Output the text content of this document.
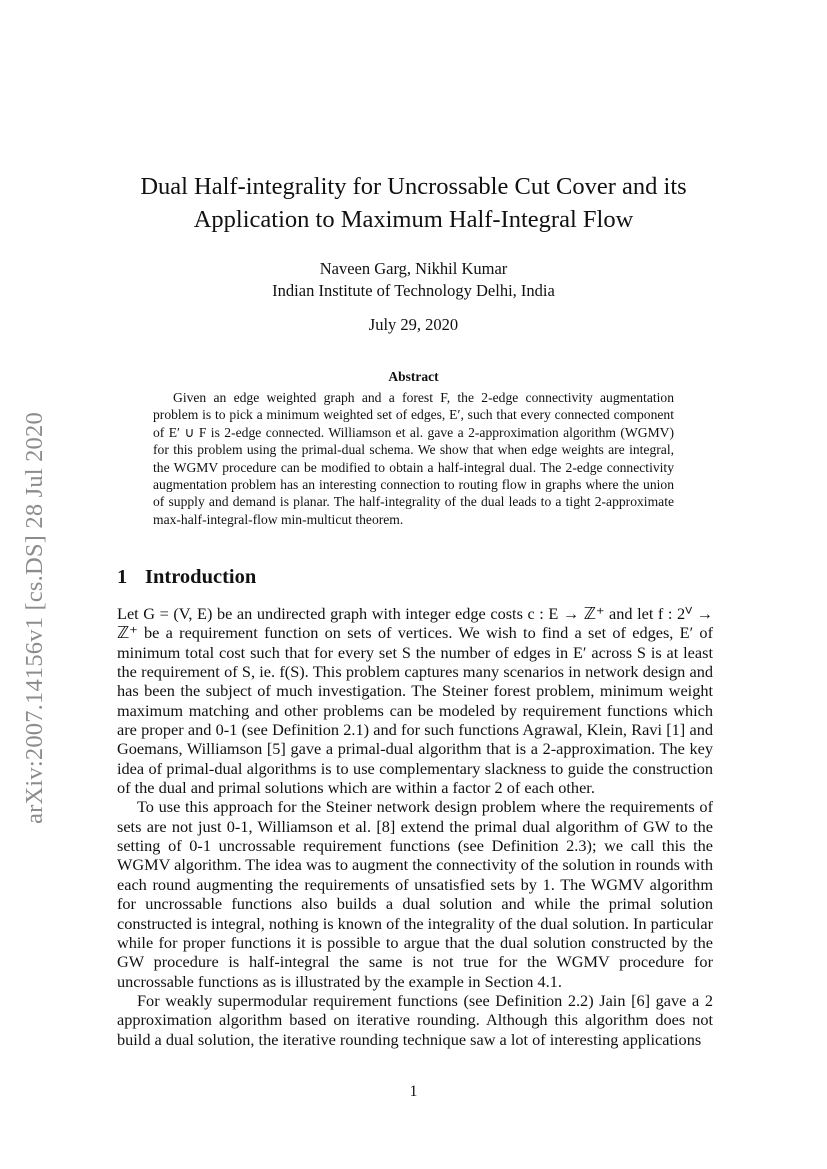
arXiv:2007.14156v1 [cs.DS] 28 Jul 2020
Dual Half-integrality for Uncrossable Cut Cover and its
Application to Maximum Half-Integral Flow
Naveen Garg, Nikhil Kumar
Indian Institute of Technology Delhi, India
July 29, 2020
Abstract

Given an edge weighted graph and a forest F, the 2-edge connectivity augmentation problem is to pick a minimum weighted set of edges, E′, such that every connected component of E′ ∪ F is 2-edge connected. Williamson et al. gave a 2-approximation algorithm (WGMV) for this problem using the primal-dual schema. We show that when edge weights are integral, the WGMV procedure can be modified to obtain a half-integral dual. The 2-edge connectivity augmentation problem has an interesting connection to routing flow in graphs where the union of supply and demand is planar. The half-integrality of the dual leads to a tight 2-approximate max-half-integral-flow min-multicut theorem.

1 Introduction

Let G = (V, E) be an undirected graph with integer edge costs c : E → ℤ⁺ and let f : 2ⱽ → ℤ⁺ be a requirement function on sets of vertices. We wish to find a set of edges, E′ of minimum total cost such that for every set S the number of edges in E′ across S is at least the requirement of S, ie. f(S). This problem captures many scenarios in network design and has been the subject of much investigation. The Steiner forest problem, minimum weight maximum matching and other problems can be modeled by requirement functions which are proper and 0-1 (see Definition 2.1) and for such functions Agrawal, Klein, Ravi [1] and Goemans, Williamson [5] gave a primal-dual algorithm that is a 2-approximation. The key idea of primal-dual algorithms is to use complementary slackness to guide the construction of the dual and primal solutions which are within a factor 2 of each other.

To use this approach for the Steiner network design problem where the requirements of sets are not just 0-1, Williamson et al. [8] extend the primal dual algorithm of GW to the setting of 0-1 uncrossable requirement functions (see Definition 2.3); we call this the WGMV algorithm. The idea was to augment the connectivity of the solution in rounds with each round augmenting the requirements of unsatisfied sets by 1. The WGMV algorithm for uncrossable functions also builds a dual solution and while the primal solution constructed is integral, nothing is known of the integrality of the dual solution. In particular while for proper functions it is possible to argue that the dual solution constructed by the GW procedure is half-integral the same is not true for the WGMV procedure for uncrossable functions as is illustrated by the example in Section 4.1.

For weakly supermodular requirement functions (see Definition 2.2) Jain [6] gave a 2 approximation algorithm based on iterative rounding. Although this algorithm does not build a dual solution, the iterative rounding technique saw a lot of interesting applications

1
